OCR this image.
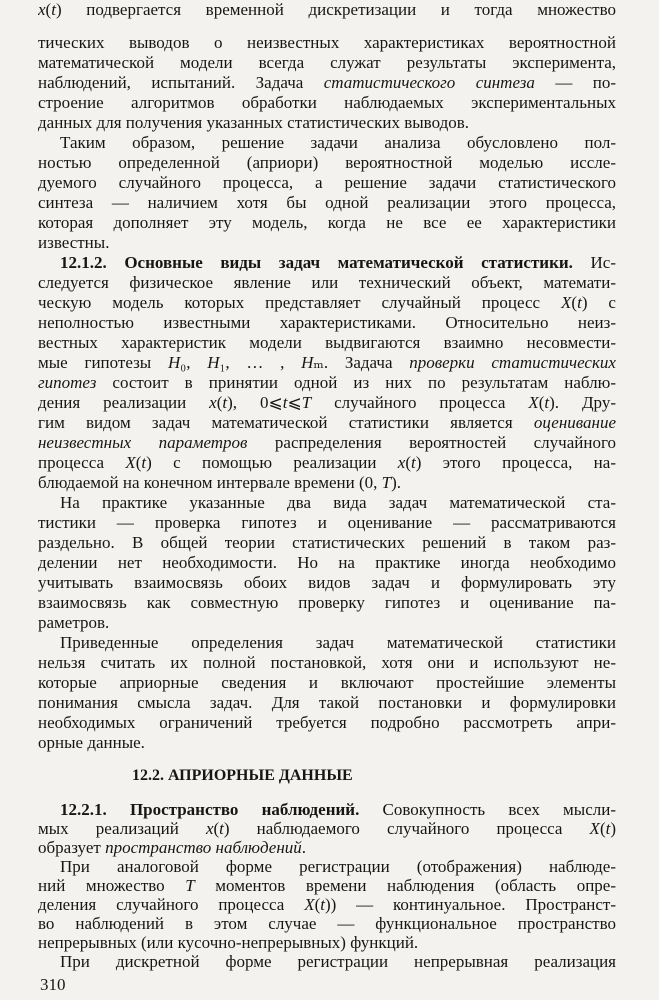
тических выводов о неизвестных характеристиках вероятностной
математической модели всегда служат результаты эксперимента,
наблюдений, испытаний. Задача статистического синтеза — по-
строение алгоритмов обработки наблюдаемых экспериментальных
данных для получения указанных статистических выводов.
Таким образом, решение задачи анализа обусловлено пол-
ностью определенной (априори) вероятностной моделью иссле-
дуемого случайного процесса, а решение задачи статистического
синтеза — наличием хотя бы одной реализации этого процесса,
которая дополняет эту модель, когда не все ее характеристики
известны.
12.1.2. Основные виды задач математической статистики. Ис-
следуется физическое явление или технический объект, математи-
ческую модель которых представляет случайный процесс X(t) с
неполностью известными характеристиками. Относительно неиз-
вестных характеристик модели выдвигаются взаимно несовмести-
мые гипотезы H₀, H₁, … , Hₘ. Задача проверки статистических
гипотез состоит в принятии одной из них по результатам наблю-
дения реализации x(t), 0⩽t⩽T случайного процесса X(t). Дру-
гим видом задач математической статистики является оценивание
неизвестных параметров распределения вероятностей случайного
процесса X(t) с помощью реализации x(t) этого процесса, на-
блюдаемой на конечном интервале времени (0, T).
На практике указанные два вида задач математической ста-
тистики — проверка гипотез и оценивание — рассматриваются
раздельно. В общей теории статистических решений в таком раз-
делении нет необходимости. Но на практике иногда необходимо
учитывать взаимосвязь обоих видов задач и формулировать эту
взаимосвязь как совместную проверку гипотез и оценивание па-
раметров.
Приведенные определения задач математической статистики
нельзя считать их полной постановкой, хотя они и используют не-
которые априорные сведения и включают простейшие элементы
понимания смысла задач. Для такой постановки и формулировки
необходимых ограничений требуется подробно рассмотреть апри-
орные данные.
12.2. АПРИОРНЫЕ ДАННЫЕ
12.2.1. Пространство наблюдений. Совокупность всех мысли-
мых реализаций x(t) наблюдаемого случайного процесса X(t)
образует пространство наблюдений.
При аналоговой форме регистрации (отображения) наблюде-
ний множество T моментов времени наблюдения (область опре-
деления случайного процесса X(t)) — континуальное. Пространст-
во наблюдений в этом случае — функциональное пространство
непрерывных (или кусочно-непрерывных) функций.
При дискретной форме регистрации непрерывная реализация
x(t) подвергается временной дискретизации и тогда множество
310
